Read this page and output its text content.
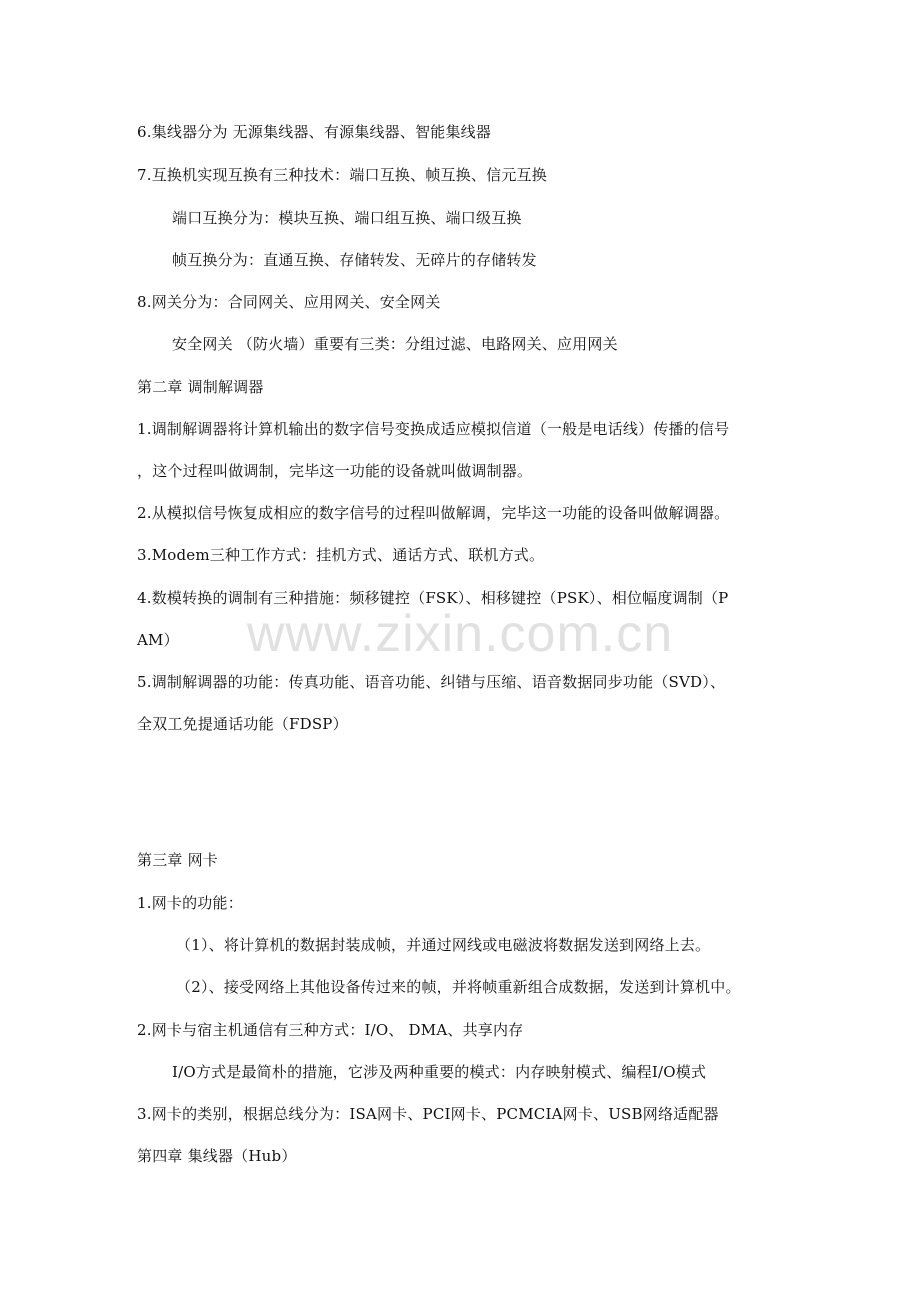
6.集线器分为 无源集线器、有源集线器、智能集线器
7.互换机实现互换有三种技术：端口互换、帧互换、信元互换
端口互换分为：模块互换、端口组互换、端口级互换
帧互换分为：直通互换、存储转发、无碎片的存储转发
8.网关分为：合同网关、应用网关、安全网关
安全网关 （防火墙）重要有三类：分组过滤、电路网关、应用网关
第二章 调制解调器
1.调制解调器将计算机输出的数字信号变换成适应模拟信道（一般是电话线）传播的信号
，这个过程叫做调制，完毕这一功能的设备就叫做调制器。
2.从模拟信号恢复成相应的数字信号的过程叫做解调，完毕这一功能的设备叫做解调器。
3.Modem三种工作方式：挂机方式、通话方式、联机方式。
4.数模转换的调制有三种措施：频移键控（FSK）、相移键控（PSK）、相位幅度调制（P
AM）
5.调制解调器的功能：传真功能、语音功能、纠错与压缩、语音数据同步功能（SVD）、
全双工免提通话功能（FDSP）
第三章 网卡
1.网卡的功能：
（1）、将计算机的数据封装成帧，并通过网线或电磁波将数据发送到网络上去。
（2）、接受网络上其他设备传过来的帧，并将帧重新组合成数据，发送到计算机中。
2.网卡与宿主机通信有三种方式：I/O、 DMA、共享内存
I/O方式是最简朴的措施，它涉及两种重要的模式：内存映射模式、编程I/O模式
3.网卡的类别，根据总线分为：ISA网卡、PCI网卡、PCMCIA网卡、USB网络适配器
第四章 集线器（Hub）
www.zixin.com.cn
